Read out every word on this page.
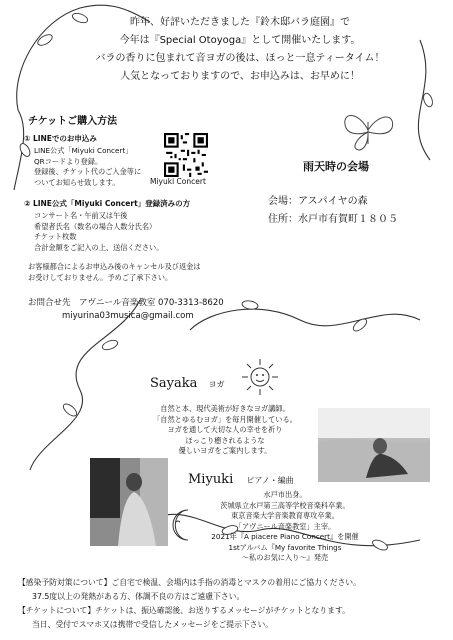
昨年、好評いただきました『鈴木邸バラ庭園』で
今年は『Special Otoyoga』として開催いたします。
バラの香りに包まれて音ヨガの後は、ほっと一息ティータイム！
人気となっておりますので、お申込みは、お早めに！
チケットご購入方法
① LINEでのお申込み
LINE公式「Miyuki Concert」
QRコードより登録。
登録後、チケット代のご入金等に
ついてお知らせ致します。	Miyuki Concert
② LINE公式「Miyuki Concert」登録済みの方
コンサート名・午前又は午後
希望者氏名（数名の場合人数分氏名）
チケット枚数
合計金額をご記入の上、送信ください。
お客様都合によるお申込み後のキャンセル及び返金は
お受けしておりません。予めご了承下さい。
雨天時の会場
会場：アスパイヤの森
住所：水戸市有賀町１８０５
お問合せ先　アヴニール音楽教室 070-3313-8620
miyurina03musica@gmail.com
Sayaka ヨガ
自然と本、現代美術が好きなヨガ講師。
「自然とゆるむヨガ」を毎月開催している。
ヨガを通して大切な人の幸せを祈り
ほっこり癒されるような
優しいヨガをご案内します。
Miyuki ピアノ・編曲
水戸市出身。
茨城県立水戸第三高等学校音楽科卒業。
東京音楽大学音楽教育専攻卒業。
「アヴニール音楽教室」主宰。
2021年『A piacere Piano Concert』を開催
1stアルバム『My favorite Things
〜私のお気に入り〜』発売
【感染予防対策について】ご自宅で検温、会場内は手指の消毒とマスクの着用にご協力ください。
37.5度以上の発熱がある方、体調不良の方はご遠慮下さい。
【チケットについて】チケットは、振込確認後、お送りするメッセージがチケットとなります。
当日、受付でスマホ又は携帯で受信したメッセージをご提示下さい。
